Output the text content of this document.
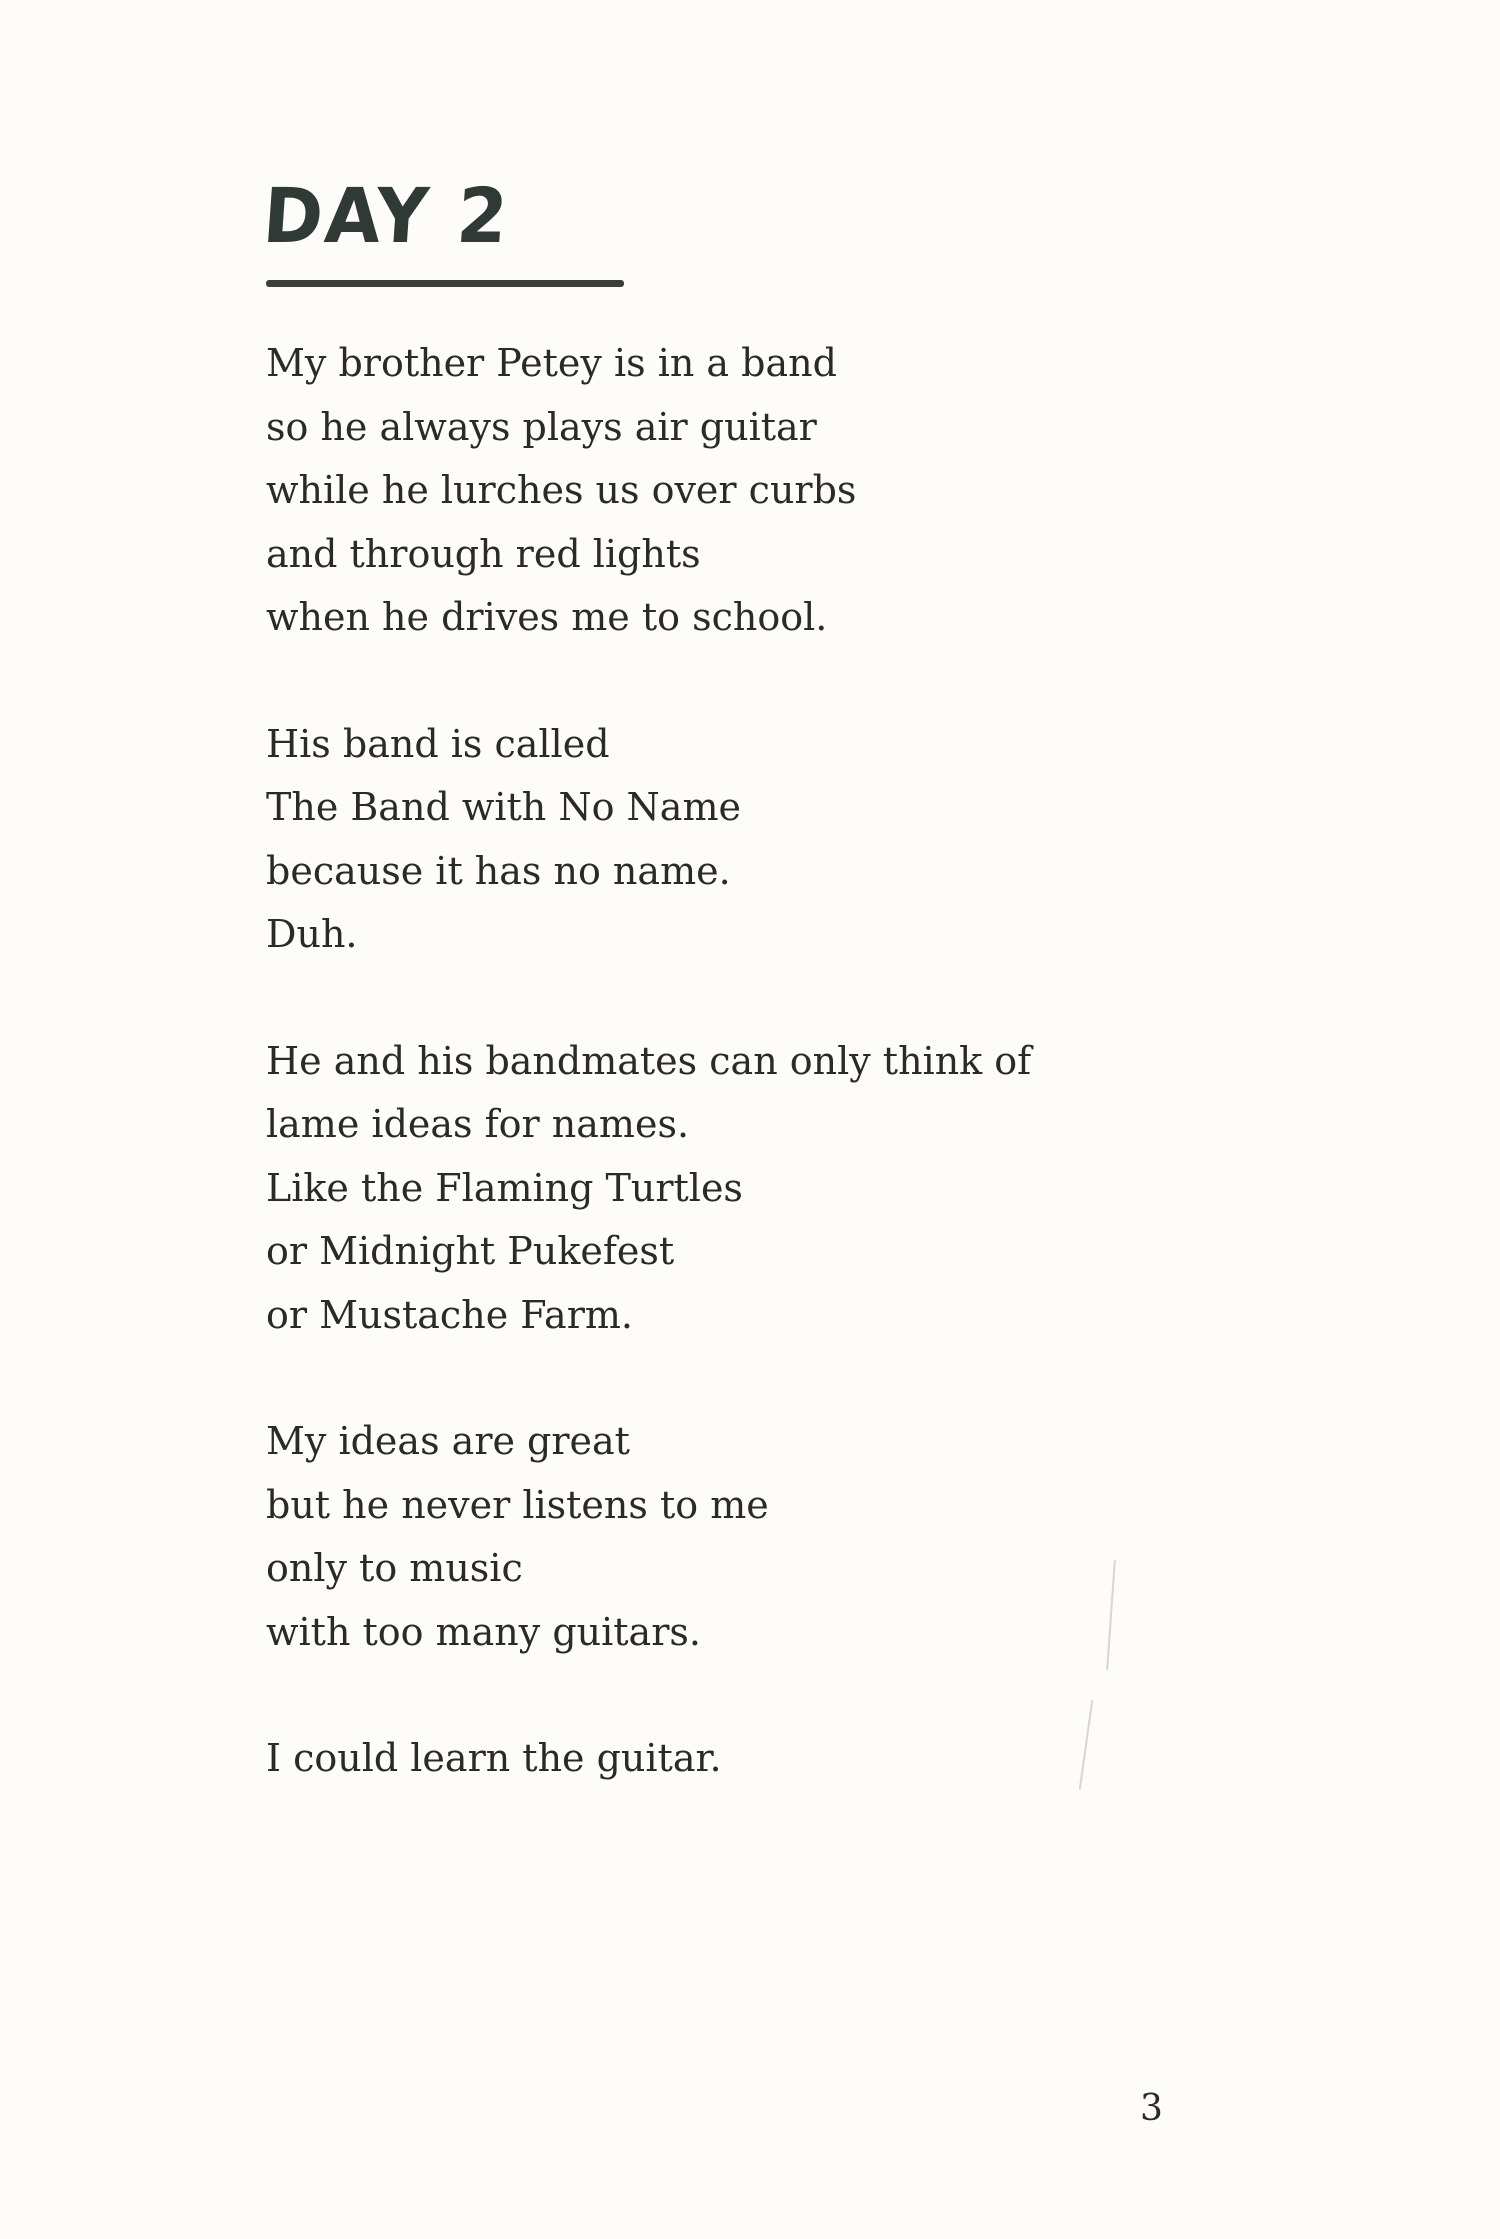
DAY 2
My brother Petey is in a band
so he always plays air guitar
while he lurches us over curbs
and through red lights
when he drives me to school.
His band is called
The Band with No Name
because it has no name.
Duh.
He and his bandmates can only think of
lame ideas for names.
Like the Flaming Turtles
or Midnight Pukefest
or Mustache Farm.
My ideas are great
but he never listens to me
only to music
with too many guitars.
I could learn the guitar.
3
